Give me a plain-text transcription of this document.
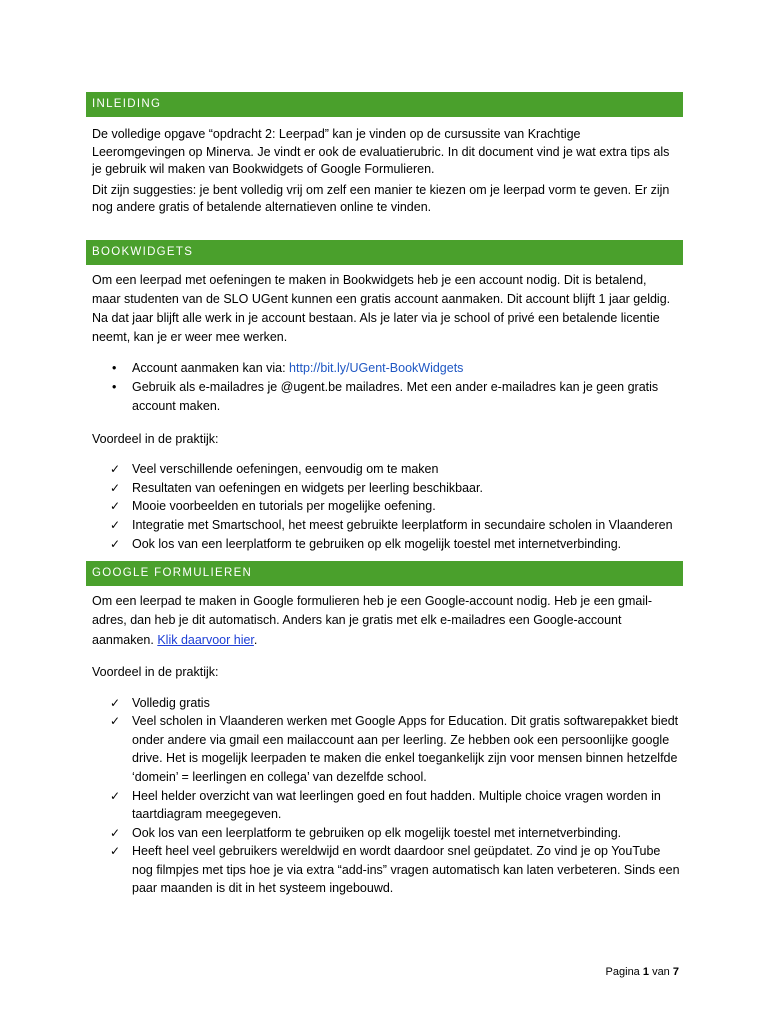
INLEIDING

De volledige opgave “opdracht 2: Leerpad” kan je vinden op de cursussite van Krachtige Leeromgevingen op Minerva. Je vindt er ook de evaluatierubric. In dit document vind je wat extra tips als je gebruik wil maken van Bookwidgets of Google Formulieren.

Dit zijn suggesties: je bent volledig vrij om zelf een manier te kiezen om je leerpad vorm te geven. Er zijn nog andere gratis of betalende alternatieven online te vinden.

BOOKWIDGETS

Om een leerpad met oefeningen te maken in Bookwidgets heb je een account nodig. Dit is betalend, maar studenten van de SLO UGent kunnen een gratis account aanmaken. Dit account blijft 1 jaar geldig. Na dat jaar blijft alle werk in je account bestaan. Als je later via je school of privé een betalende licentie neemt, kan je er weer mee werken.

• Account aanmaken kan via: http://bit.ly/UGent-BookWidgets
• Gebruik als e-mailadres je @ugent.be mailadres. Met een ander e-mailadres kan je geen gratis account maken.

Voordeel in de praktijk:

✓ Veel verschillende oefeningen, eenvoudig om te maken
✓ Resultaten van oefeningen en widgets per leerling beschikbaar.
✓ Mooie voorbeelden en tutorials per mogelijke oefening.
✓ Integratie met Smartschool, het meest gebruikte leerplatform in secundaire scholen in Vlaanderen
✓ Ook los van een leerplatform te gebruiken op elk mogelijk toestel met internetverbinding.
GOOGLE FORMULIEREN

Om een leerpad te maken in Google formulieren heb je een Google-account nodig. Heb je een gmail-adres, dan heb je dit automatisch. Anders kan je gratis met elk e-mailadres een Google-account aanmaken. Klik daarvoor hier.

Voordeel in de praktijk:

✓ Volledig gratis
✓ Veel scholen in Vlaanderen werken met Google Apps for Education. Dit gratis softwarepakket biedt onder andere via gmail een mailaccount aan per leerling. Ze hebben ook een persoonlijke google drive. Het is mogelijk leerpaden te maken die enkel toegankelijk zijn voor mensen binnen hetzelfde ‘domein’ = leerlingen en collega’ van dezelfde school.
✓ Heel helder overzicht van wat leerlingen goed en fout hadden. Multiple choice vragen worden in taartdiagram meegegeven.
✓ Ook los van een leerplatform te gebruiken op elk mogelijk toestel met internetverbinding.
✓ Heeft heel veel gebruikers wereldwijd en wordt daardoor snel geüpdatet. Zo vind je op YouTube nog filmpjes met tips hoe je via extra “add-ins” vragen automatisch kan laten verbeteren. Sinds een paar maanden is dit in het systeem ingebouwd.
Pagina 1 van 7
